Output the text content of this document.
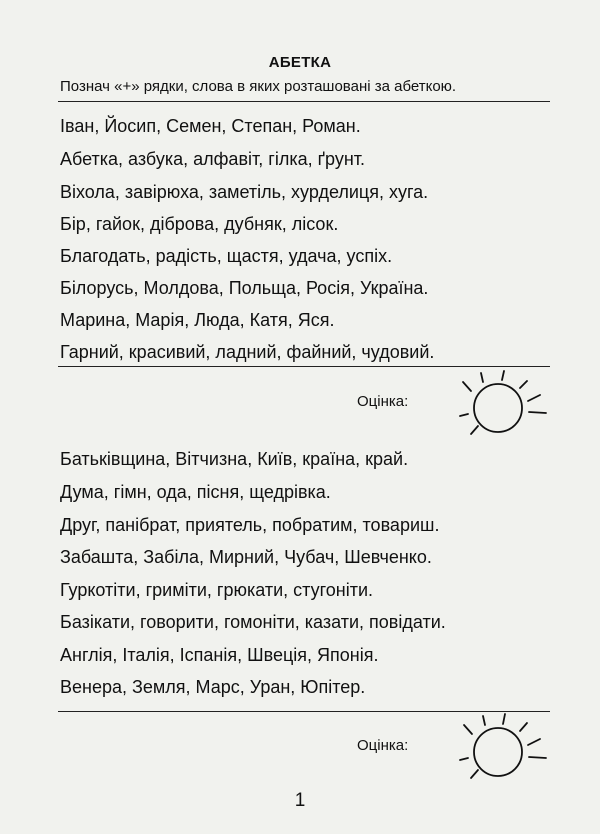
АБЕТКА
Познач «+» рядки, слова в яких розташовані за абеткою.
Іван, Йосип, Семен, Степан, Роман.
Абетка, азбука, алфавіт, гілка, ґрунт.
Віхола, завірюха, заметіль, хурделиця, хуга.
Бір, гайок, діброва, дубняк, лісок.
Благодать, радість, щастя, удача, успіх.
Білорусь, Молдова, Польща, Росія, Україна.
Марина, Марія, Люда, Катя, Яся.
Гарний, красивий, ладний, файний, чудовий.
Оцінка:
Батьківщина, Вітчизна, Київ, країна, край.
Дума, гімн, ода, пісня, щедрівка.
Друг, панібрат, приятель, побратим, товариш.
Забашта, Забіла, Мирний, Чубач, Шевченко.
Гуркотіти, гриміти, грюкати, стугоніти.
Базікати, говорити, гомоніти, казати, повідати.
Англія, Італія, Іспанія, Швеція, Японія.
Венера, Земля, Марс, Уран, Юпітер.
Оцінка:
1
